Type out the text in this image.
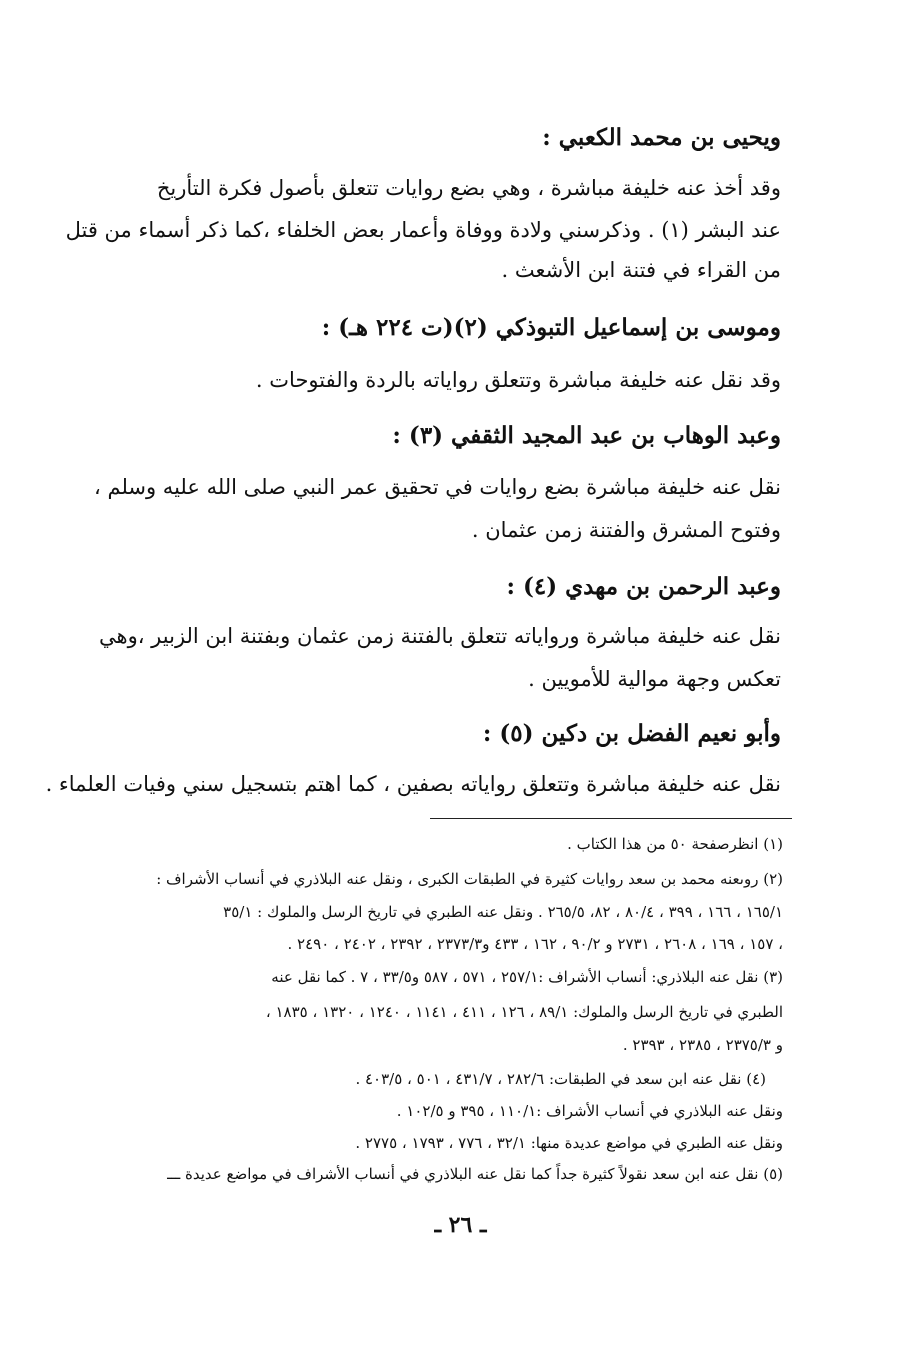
ويحيى بن محمد الكعبي :

وقد أخذ عنه خليفة مباشرة ، وهي بضع روايات تتعلق بأصول فكرة التأريخ

عند البشر (١) . وذكرسني ولادة ووفاة وأعمار بعض الخلفاء ،كما ذكر أسماء من قتل

من القراء في فتنة ابن الأشعث .

وموسى بن إسماعيل التبوذكي (٢)(ت ٢٢٤ هـ) :

وقد نقل عنه خليفة مباشرة وتتعلق رواياته بالردة والفتوحات .

وعبد الوهاب بن عبد المجيد الثقفي (٣) :

نقل عنه خليفة مباشرة بضع روايات في تحقيق عمر النبي صلى الله عليه وسلم ،

وفتوح المشرق والفتنة زمن عثمان .

وعبد الرحمن بن مهدي (٤) :

نقل عنه خليفة مباشرة ورواياته تتعلق بالفتنة زمن عثمان وبفتنة ابن الزبير ،وهي

تعكس وجهة موالية للأمويين .

وأبو نعيم الفضل بن دكين (٥) :

نقل عنه خليفة مباشرة وتتعلق رواياته بصفين ، كما اهتم بتسجيل سني وفيات العلماء .

(١) انظرصفحة ٥٠ من هذا الكتاب .

(٢) روىعنه محمد بن سعد روايات كثيرة في الطبقات الكبرى ، ونقل عنه البلاذري في أنساب الأشراف :

١٦٥/١ ، ١٦٦ ، ٣٩٩ ، ٨٠/٤ ، ٨٢، ٢٦٥/٥ . ونقل عنه الطبري في تاريخ الرسل والملوك : ٣٥/١

، ١٥٧ ، ١٦٩ ، ٢٦٠٨ ، ٢٧٣١ و ٩٠/٢ ، ١٦٢ ، ٤٣٣ و٢٣٧٣/٣ ، ٢٣٩٢ ، ٢٤٠٢ ، ٢٤٩٠ .

(٣) نقل عنه البلاذري: أنساب الأشراف :٢٥٧/١ ، ٥٧١ ، ٥٨٧ و٣٣/٥ ، ٧ . كما نقل عنه

الطبري في تاريخ الرسل والملوك: ٨٩/١ ، ١٢٦ ، ٤١١ ، ١١٤١ ، ١٢٤٠ ، ١٣٢٠ ، ١٨٣٥ ،

و ٢٣٧٥/٣ ، ٢٣٨٥ ، ٢٣٩٣ .

(٤) نقل عنه ابن سعد في الطبقات: ٢٨٢/٦ ، ٤٣١/٧ ، ٥٠١ ، ٤٠٣/٥ .

ونقل عنه البلاذري في أنساب الأشراف :١١٠/١ ، ٣٩٥ و ١٠٢/٥ .

ونقل عنه الطبري في مواضع عديدة منها: ٣٢/١ ، ٧٧٦ ، ١٧٩٣ ، ٢٧٧٥ .

(٥) نقل عنه ابن سعد نقولاً كثيرة جداً كما نقل عنه البلاذري في أنساب الأشراف في مواضع عديدة ـــ

ـ ٢٦ ـ
